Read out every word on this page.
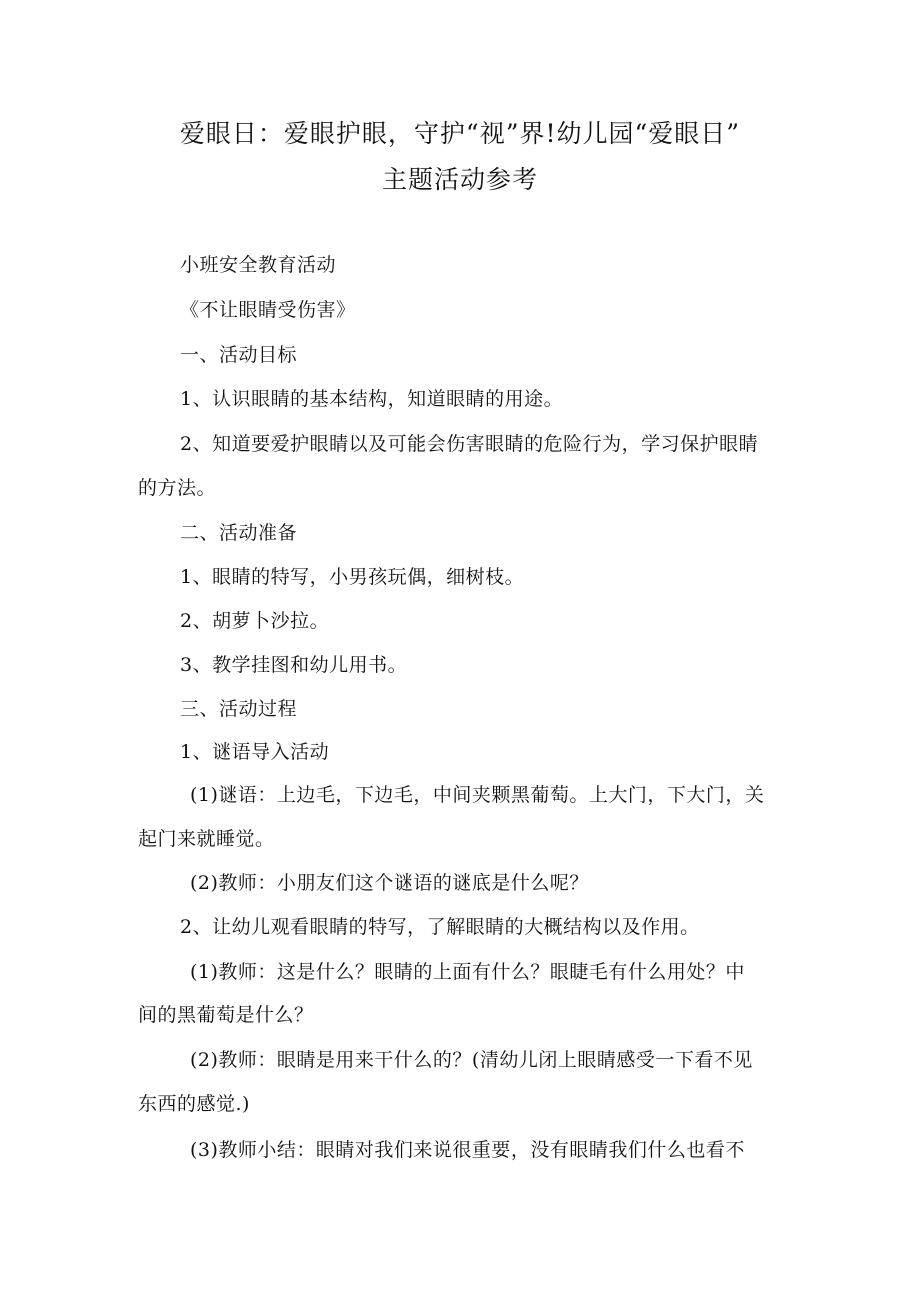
爱眼日：爱眼护眼，守护“视”界!幼儿园“爱眼日”
主题活动参考
小班安全教育活动
《不让眼睛受伤害》
一、活动目标
1、认识眼睛的基本结构，知道眼睛的用途。
2、知道要爱护眼睛以及可能会伤害眼睛的危险行为，学习保护眼睛
的方法。
二、活动准备
1、眼睛的特写，小男孩玩偶，细树枝。
2、胡萝卜沙拉。
3、教学挂图和幼儿用书。
三、活动过程
1、谜语导入活动
(1)谜语：上边毛，下边毛，中间夹颗黑葡萄。上大门，下大门，关
起门来就睡觉。
(2)教师：小朋友们这个谜语的谜底是什么呢？
2、让幼儿观看眼睛的特写，了解眼睛的大概结构以及作用。
(1)教师：这是什么？眼睛的上面有什么？眼睫毛有什么用处？中
间的黑葡萄是什么？
(2)教师：眼睛是用来干什么的？(清幼儿闭上眼睛感受一下看不见
东西的感觉.)
(3)教师小结：眼睛对我们来说很重要，没有眼睛我们什么也看不
